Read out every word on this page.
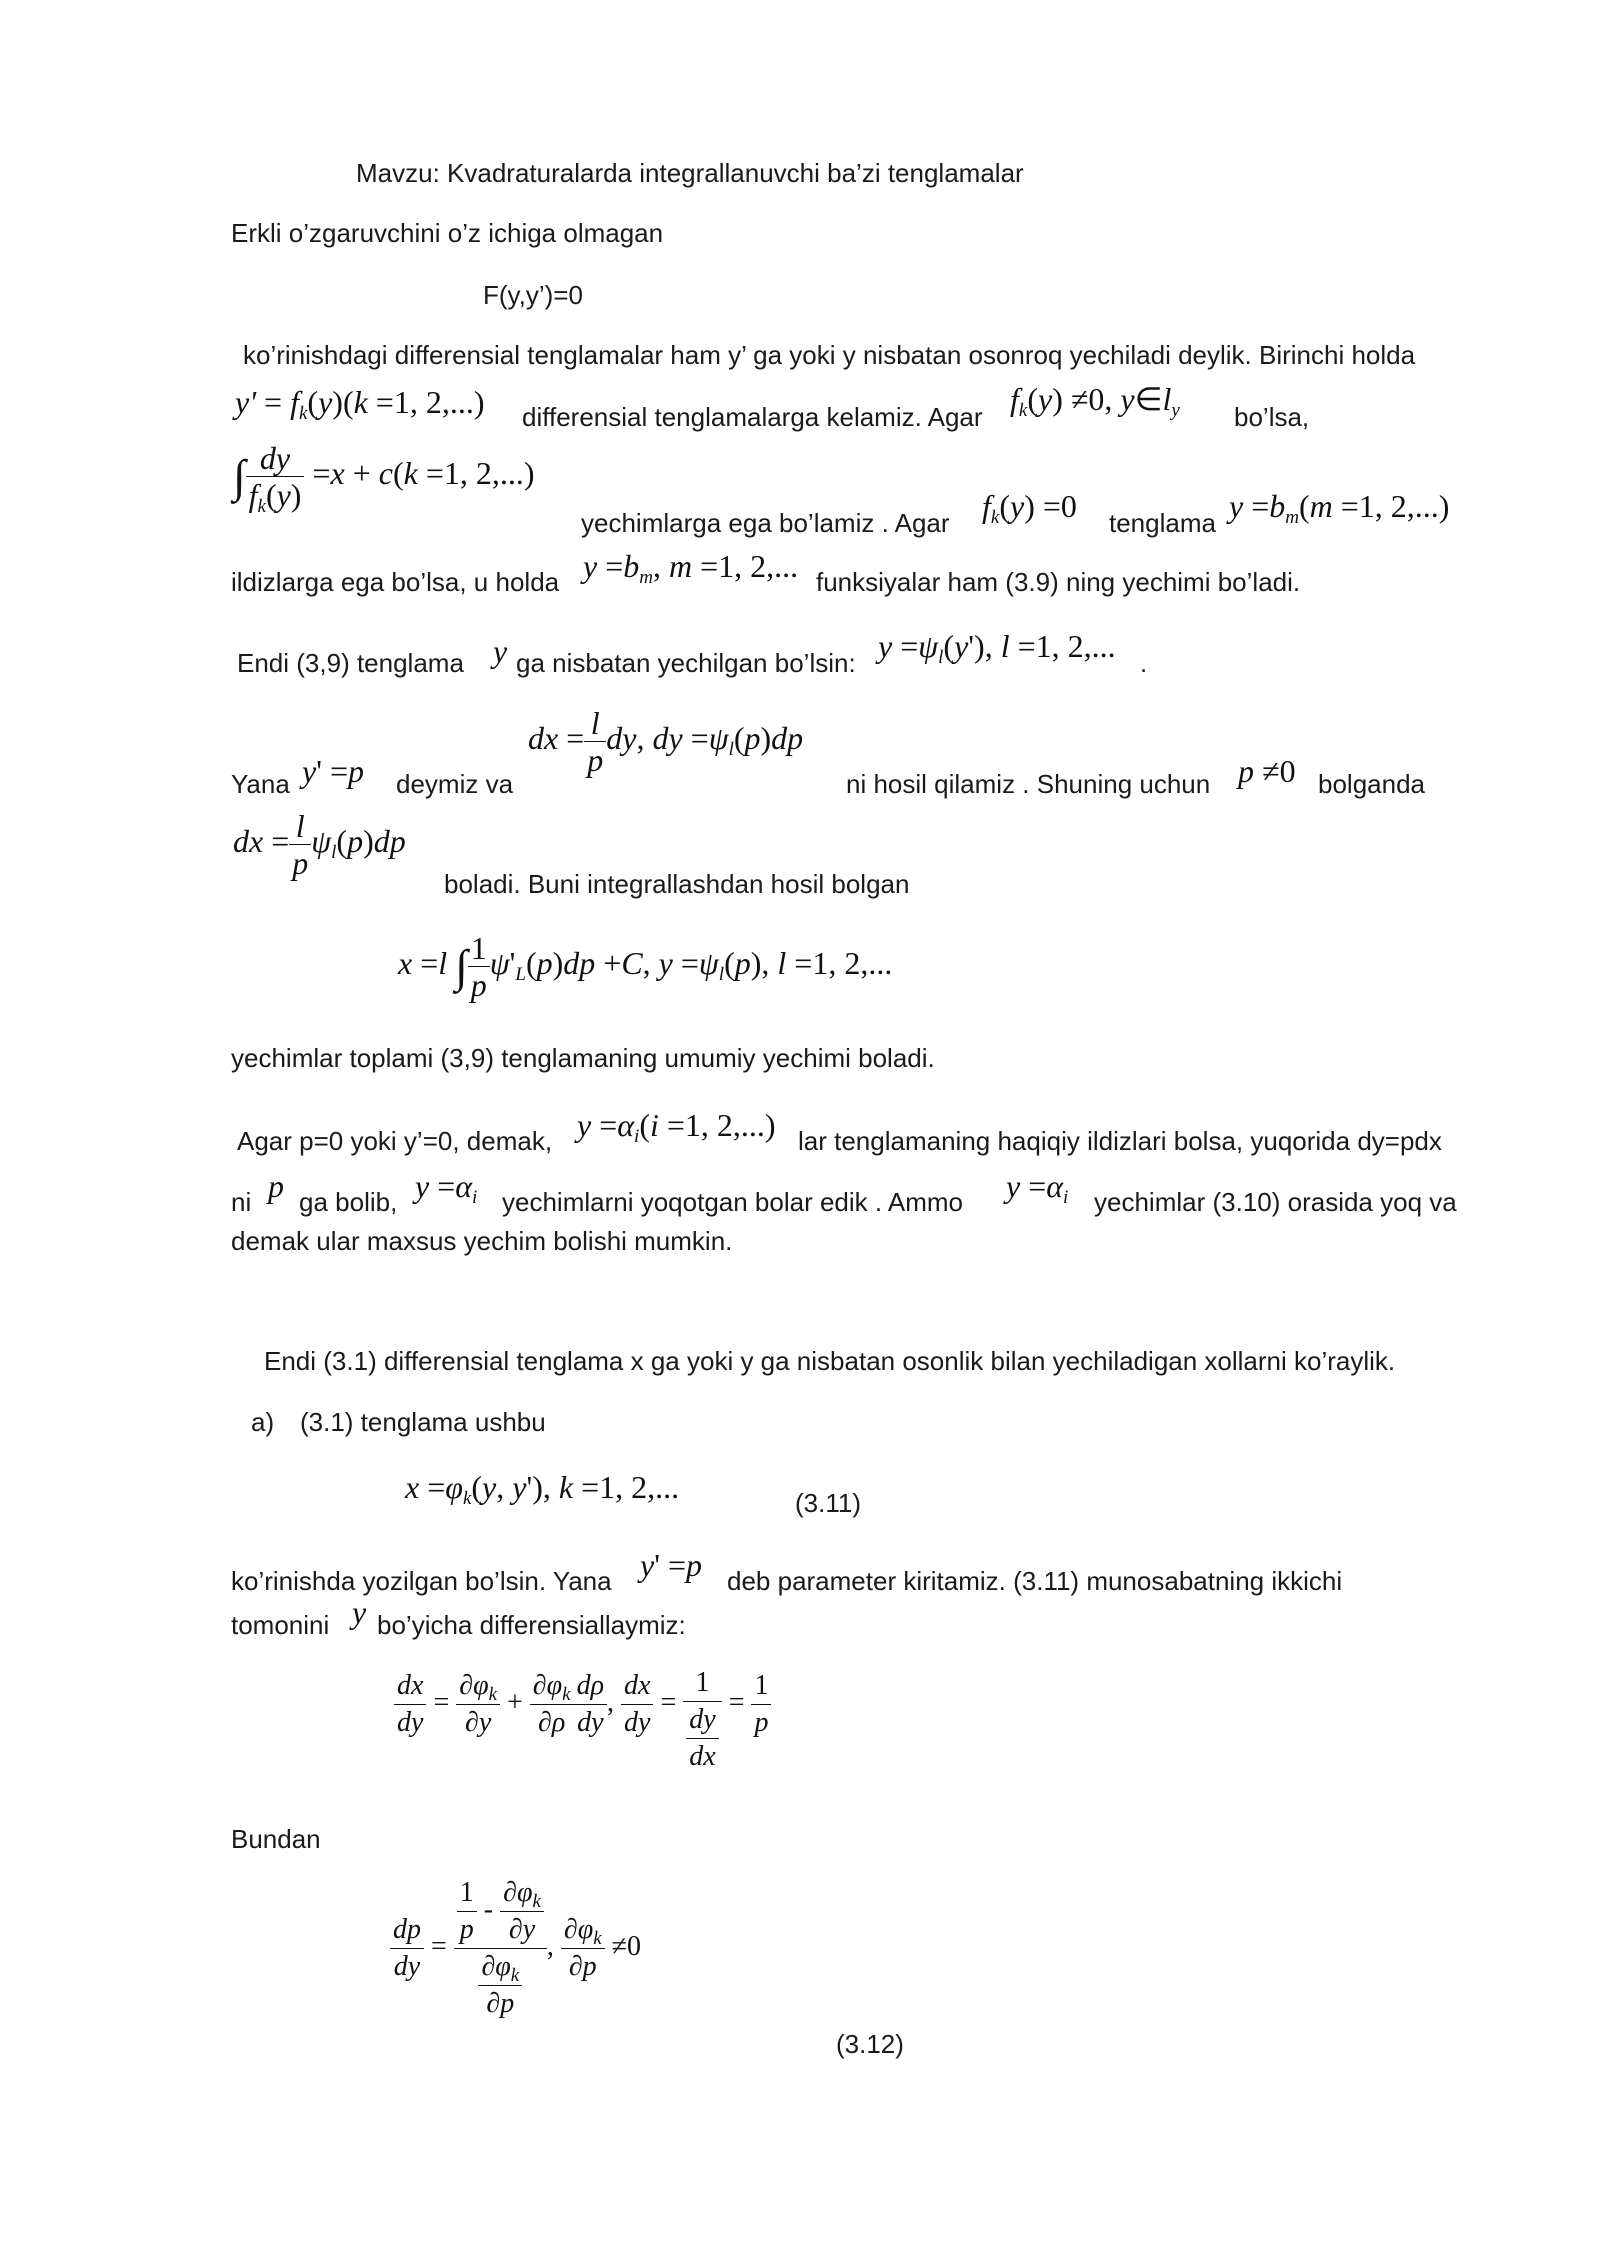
Mavzu: Kvadraturalarda integrallanuvchi ba’zi tenglamalar
Erkli o’zgaruvchini o’z ichiga olmagan
F(y,y’)=0
ko’rinishdagi differensial tenglamalar ham y’ ga yoki y nisbatan osonroq yechiladi deylik. Birinchi holda
$y' = f_k(y)(k =1$, 2,...) differensial tenglamalarga kelamiz. Agar $f_k(y) \ne 0$, $y\in l_y$ bo’lsa,
∫ $\frac{dy}{f_k(y)} =x + c(k =1$, 2,...)
yechimlarga ega bo’lamiz . Agar $f_k(y) =0$ tenglama $y =b_m(m =1$, 2,...)
ildizlarga ega bo’lsa, u holda $y =b_m$, m =1, 2,... funksiyalar ham (3.9) ning yechimi bo’ladi.
Endi (3,9) tenglama y ga nisbatan yechilgan bo’lsin: $y =\psi_l(y')$, l =1, 2,... .
Yana y' =p deymiz va
dx = $\frac{l}{p}$ dy, dy $=\psi_l(p)dp$
ni hosil qilamiz . Shuning uchun p ≠0 bolganda
dx = $\frac{l}{p} \psi_l(p)dp$
boladi. Buni integrallashdan hosil bolgan
x =l ∫ $\frac{1}{p} \psi'_L(p)dp +C$, $y =\psi_l(p)$, l =1, 2,...
yechimlar toplami (3,9) tenglamaning umumiy yechimi boladi.
Agar p=0 yoki y’=0, demak, $y =\alpha_i(i =1$, 2,...) lar tenglamaning haqiqiy ildizlari bolsa, yuqorida dy=pdx
ni p ga bolib, $y =\alpha_i$ yechimlarni yoqotgan bolar edik . Ammo $y =\alpha_i$ yechimlar (3.10) orasida yoq va
demak ular maxsus yechim bolishi mumkin.
Endi (3.1) differensial tenglama x ga yoki y ga nisbatan osonlik bilan yechiladigan xollarni ko’raylik.
a) (3.1) tenglama ushbu
$x =\varphi_k(y$, y'), k =1, 2,...	(3.11)
ko’rinishda yozilgan bo’lsin. Yana y' =p deb parameter kiritamiz. (3.11) munosabatning ikkichi
tomonini y bo’yicha differensiallaymiz:
$\frac{dx}{dy} = \frac{\partial\varphi_k}{\partial y} + \frac{\partial\varphi_k}{\partial\rho} \frac{d\rho}{dy}$ , $\frac{dx}{dy} = \frac{1}{\frac{dy}{dx}} = \frac{1}{p}$
Bundan
$\frac{dp}{dy} = \frac{\frac{1}{p} - \frac{\partial\varphi_k}{\partial y}}{\frac{\partial\varphi_k}{\partial p}}$ , $\frac{\partial\varphi_k}{\partial p} \ne 0$
(3.12)
